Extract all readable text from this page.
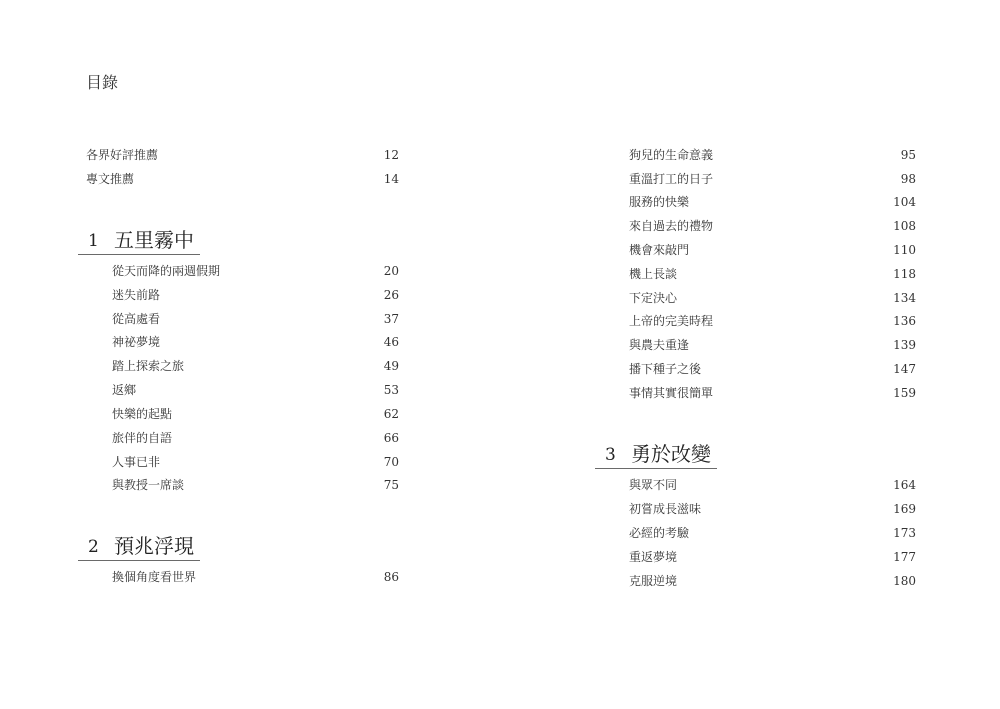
目錄
各界好評推薦	12
專文推薦	14
1 五里霧中
從天而降的兩週假期	20
迷失前路	26
從高處看	37
神祕夢境	46
踏上探索之旅	49
返鄉	53
快樂的起點	62
旅伴的自語	66
人事已非	70
與教授一席談	75
2 預兆浮現
換個角度看世界	86
狗兒的生命意義	95
重溫打工的日子	98
服務的快樂	104
來自過去的禮物	108
機會來敲門	110
機上長談	118
下定決心	134
上帝的完美時程	136
與農夫重逢	139
播下種子之後	147
事情其實很簡單	159
3 勇於改變
與眾不同	164
初嘗成長滋味	169
必經的考驗	173
重返夢境	177
克服逆境	180
